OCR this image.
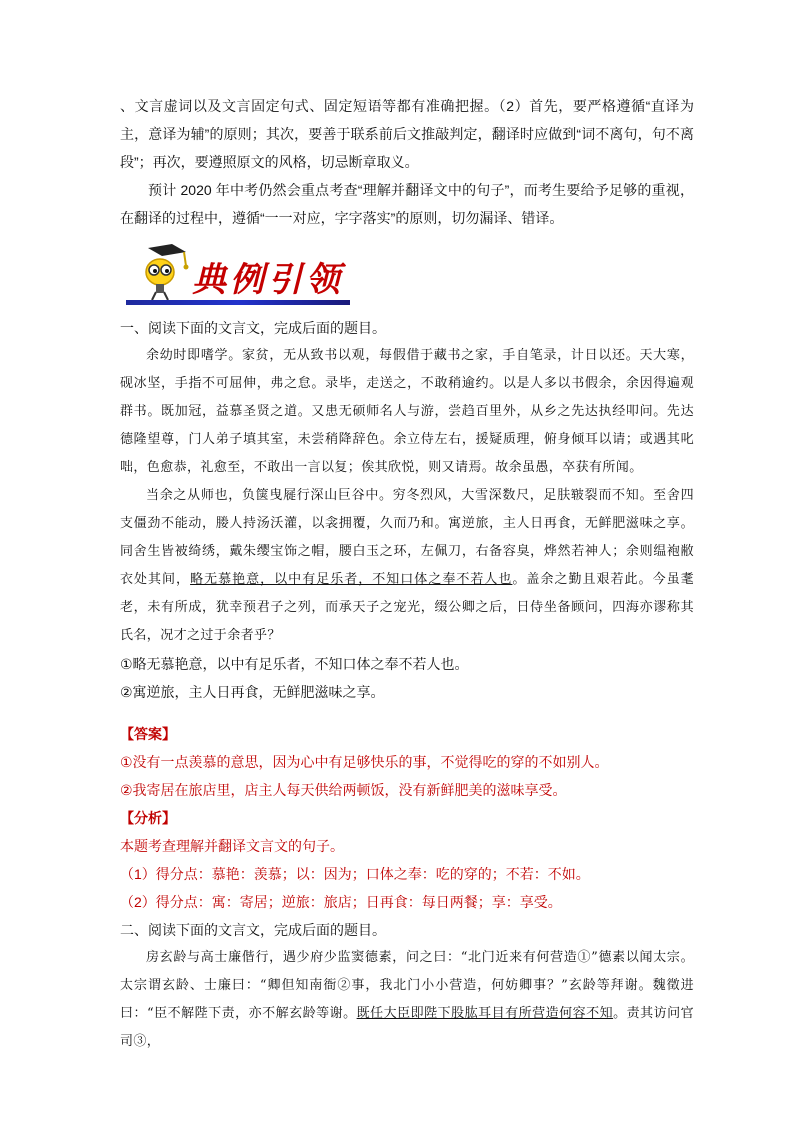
、文言虚词以及文言固定句式、固定短语等都有准确把握。（2）首先，要严格遵循“直译为主，意译为辅”的原则；其次，要善于联系前后文推敲判定，翻译时应做到“词不离句，句不离段”；再次，要遵照原文的风格，切忌断章取义。

预计 2020 年中考仍然会重点考查“理解并翻译文中的句子”，而考生要给予足够的重视，在翻译的过程中，遵循“一一对应，字字落实”的原则，切勿漏译、错译。

典例引领

一、阅读下面的文言文，完成后面的题目。

余幼时即嗜学。家贫，无从致书以观，每假借于藏书之家，手自笔录，计日以还。天大寒，砚冰坚，手指不可屈伸，弗之怠。录毕，走送之，不敢稍逾约。以是人多以书假余，余因得遍观群书。既加冠，益慕圣贤之道。又患无硕师名人与游，尝趋百里外，从乡之先达执经叩问。先达德隆望尊，门人弟子填其室，未尝稍降辞色。余立侍左右，援疑质理，俯身倾耳以请；或遇其叱咄，色愈恭，礼愈至，不敢出一言以复；俟其欣悦，则又请焉。故余虽愚，卒获有所闻。

当余之从师也，负箧曳屣行深山巨谷中。穷冬烈风，大雪深数尺，足肤皲裂而不知。至舍四支僵劲不能动，媵人持汤沃灌，以衾拥覆，久而乃和。寓逆旅，主人日再食，无鲜肥滋味之享。同舍生皆被绮绣，戴朱缨宝饰之帽，腰白玉之环，左佩刀，右备容臭，烨然若神人；余则缊袍敝衣处其间，略无慕艳意，以中有足乐者，不知口体之奉不若人也。盖余之勤且艰若此。今虽耄老，未有所成，犹幸预君子之列，而承天子之宠光，缀公卿之后，日侍坐备顾问，四海亦谬称其氏名，况才之过于余者乎？

①略无慕艳意，以中有足乐者，不知口体之奉不若人也。

②寓逆旅，主人日再食，无鲜肥滋味之享。

【答案】

①没有一点羡慕的意思，因为心中有足够快乐的事，不觉得吃的穿的不如别人。

②我寄居在旅店里，店主人每天供给两顿饭，没有新鲜肥美的滋味享受。

【分析】

本题考查理解并翻译文言文的句子。

（1）得分点：慕艳：羡慕；以：因为；口体之奉：吃的穿的；不若：不如。

（2）得分点：寓：寄居；逆旅：旅店；日再食：每日两餐；享：享受。

二、阅读下面的文言文，完成后面的题目。

房玄龄与高士廉偕行，遇少府少监窦德素，问之曰：“北门近来有何营造①”德素以闻太宗。太宗谓玄龄、士廉曰：“卿但知南衙②事，我北门小小营造，何妨卿事？”玄龄等拜谢。魏徵进曰：“臣不解陛下责，亦不解玄龄等谢。既任大臣即陛下股肱耳目有所营造何容不知。责其访问官司③，
